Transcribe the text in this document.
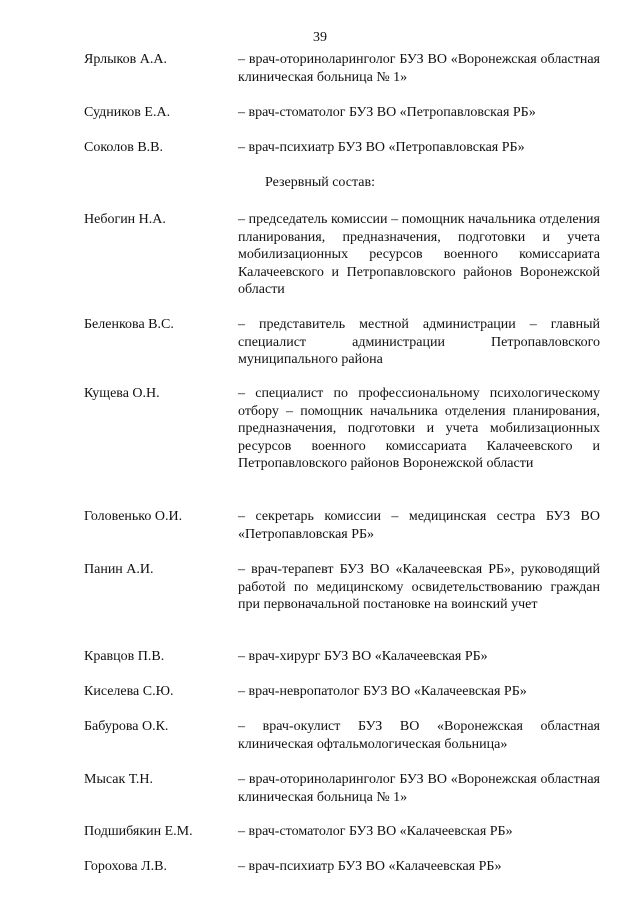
39
Ярлыков А.А.	– врач-оториноларинголог БУЗ ВО «Воронежская областная клиническая больница № 1»
Судников Е.А.	– врач-стоматолог БУЗ ВО «Петропавловская РБ»
Соколов В.В.	– врач-психиатр БУЗ ВО «Петропавловская РБ»
Резервный состав:
Небогин Н.А.	– председатель комиссии – помощник начальника отделения планирования, предназначения, подготовки и учета мобилизационных ресурсов военного комиссариата Калачеевского и Петропавловского районов Воронежской области
Беленкова В.С.	– представитель местной администрации – главный специалист администрации Петропавловского муниципального района
Кущева О.Н.	– специалист по профессиональному психологическому отбору – помощник начальника отделения планирования, предназначения, подготовки и учета мобилизационных ресурсов военного комиссариата Калачеевского и Петропавловского районов Воронежской области
Головенько О.И.	– секретарь комиссии – медицинская сестра БУЗ ВО «Петропавловская РБ»
Панин А.И.	– врач-терапевт БУЗ ВО «Калачеевская РБ», руководящий работой по медицинскому освидетельствованию граждан при первоначальной постановке на воинский учет
Кравцов П.В.	– врач-хирург БУЗ ВО «Калачеевская РБ»
Киселева С.Ю.	– врач-невропатолог БУЗ ВО «Калачеевская РБ»
Бабурова О.К.	– врач-окулист БУЗ ВО «Воронежская областная клиническая офтальмологическая больница»
Мысак Т.Н.	– врач-оториноларинголог БУЗ ВО «Воронежская областная клиническая больница № 1»
Подшибякин Е.М.	– врач-стоматолог БУЗ ВО «Калачеевская РБ»
Горохова Л.В.	– врач-психиатр БУЗ ВО «Калачеевская РБ»
